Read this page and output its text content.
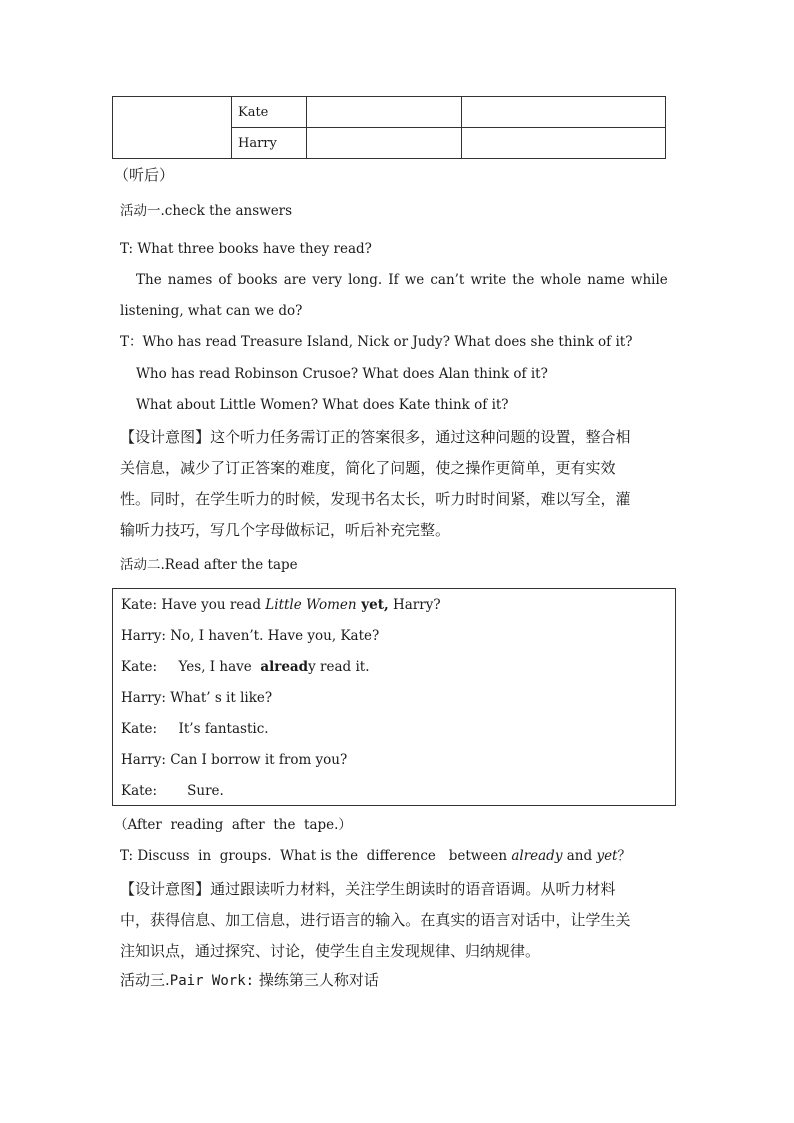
	Kate		
	Harry		
（听后）
活动一.check the answers
T: What three books have they read?
The names of books are very long. If we can’t write the whole name while
listening, what can we do?
T：Who has read Treasure Island, Nick or Judy? What does she think of it?
Who has read Robinson Crusoe? What does Alan think of it?
What about Little Women? What does Kate think of it?
【设计意图】这个听力任务需订正的答案很多，通过这种问题的设置，整合相
关信息，减少了订正答案的难度，简化了问题，使之操作更简单，更有实效
性。同时，在学生听力的时候，发现书名太长，听力时时间紧，难以写全，灌
输听力技巧，写几个字母做标记，听后补充完整。
活动二.Read after the tape
Kate: Have you read Little Women yet, Harry?
Harry: No, I haven’t. Have you, Kate?
Kate:     Yes, I have  already read it.
Harry: What’ s it like?
Kate:     It’s fantastic.
Harry: Can I borrow it from you?
Kate:       Sure.
（After  reading  after  the  tape.）
T: Discuss  in  groups.  What is the  difference   between already and yet？
【设计意图】通过跟读听力材料，关注学生朗读时的语音语调。从听力材料
中，获得信息、加工信息，进行语言的输入。在真实的语言对话中，让学生关
注知识点，通过探究、讨论，使学生自主发现规律、归纳规律。
活动三.Pair Work: 操练第三人称对话
